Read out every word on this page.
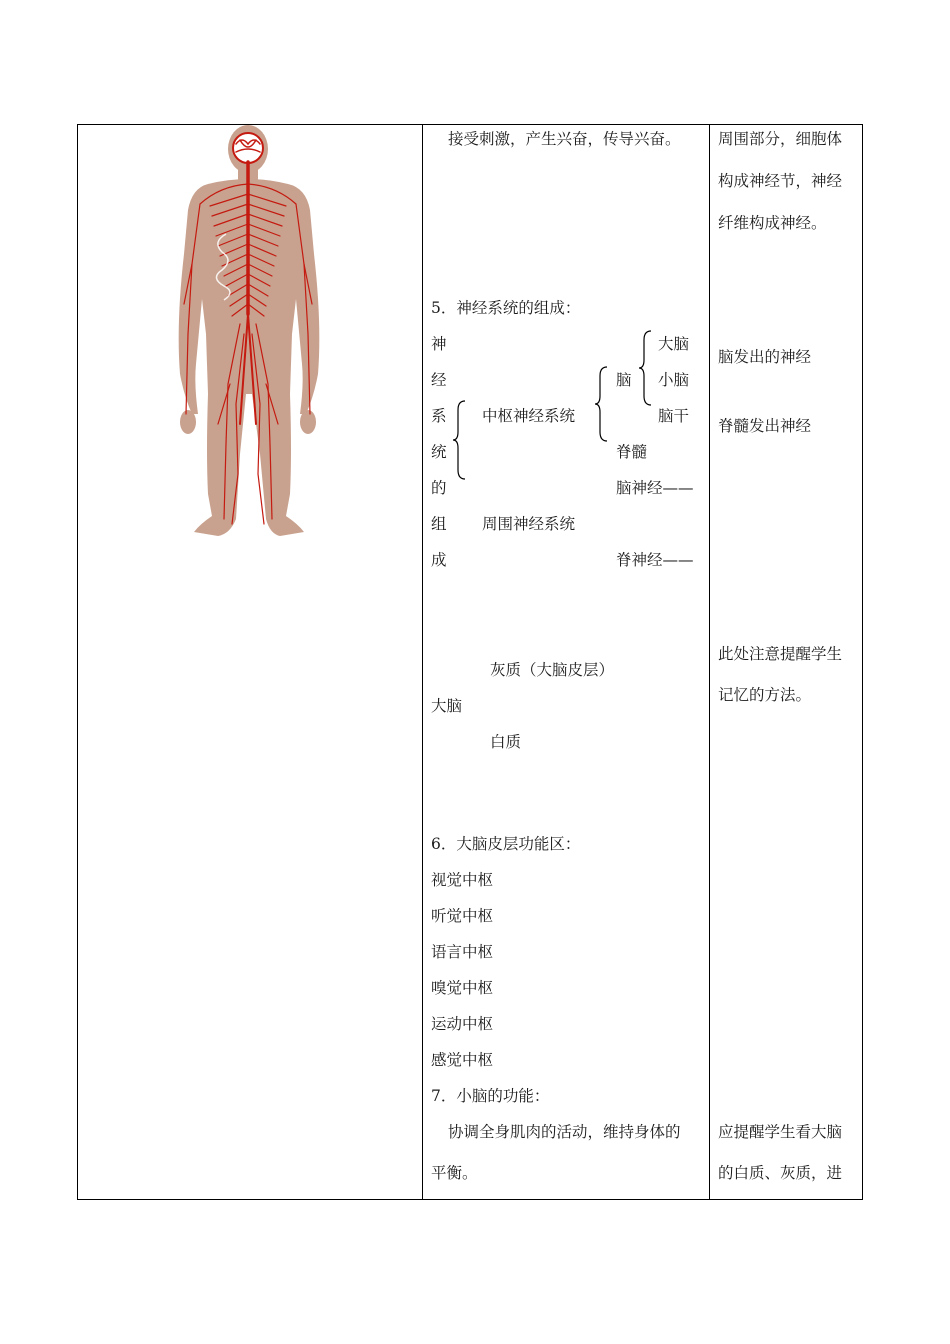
接受刺激，产生兴奋，传导兴奋。
5．神经系统的组成：
神
经
系
统
的
组
成
中枢神经系统
脑
大脑
小脑
脑干
脊髓
脑神经——
周围神经系统
脊神经——
灰质（大脑皮层）
大脑
白质
6．大脑皮层功能区：
视觉中枢
听觉中枢
语言中枢
嗅觉中枢
运动中枢
感觉中枢
7．小脑的功能：
协调全身肌肉的活动，维持身体的
平衡。
周围部分，细胞体
构成神经节，神经
纤维构成神经。
脑发出的神经
脊髓发出神经
此处注意提醒学生
记忆的方法。
应提醒学生看大脑
的白质、灰质，进
